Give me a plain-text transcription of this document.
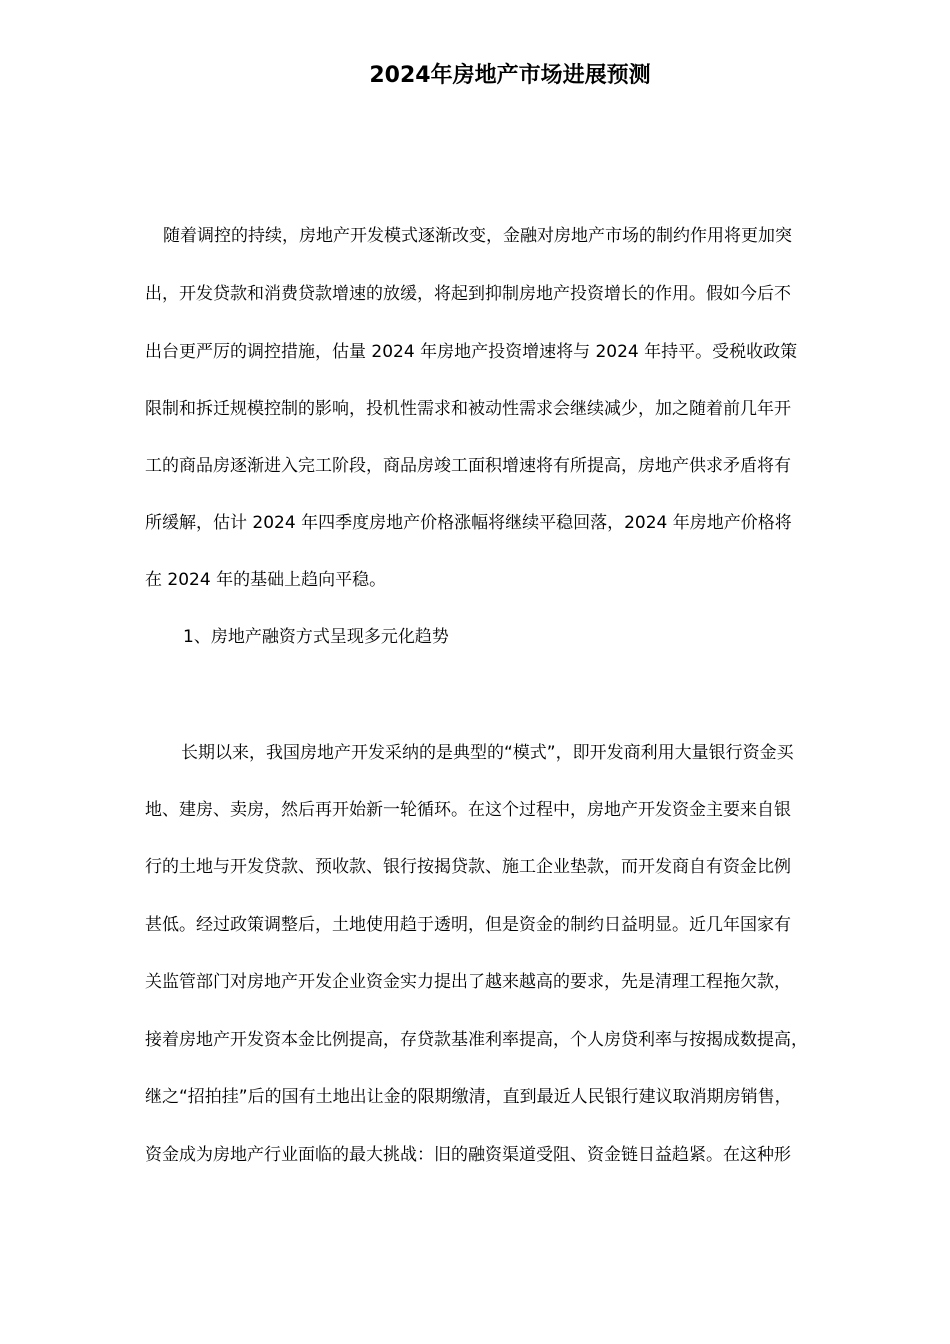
2024年房地产市场进展预测
随着调控的持续，房地产开发模式逐渐改变，金融对房地产市场的制约作用将更加突
出，开发贷款和消费贷款增速的放缓，将起到抑制房地产投资增长的作用。假如今后不
出台更严厉的调控措施，估量 2024 年房地产投资增速将与 2024 年持平。受税收政策
限制和拆迁规模控制的影响，投机性需求和被动性需求会继续减少，加之随着前几年开
工的商品房逐渐进入完工阶段，商品房竣工面积增速将有所提高，房地产供求矛盾将有
所缓解，估计 2024 年四季度房地产价格涨幅将继续平稳回落，2024 年房地产价格将
在 2024 年的基础上趋向平稳。
1、房地产融资方式呈现多元化趋势
长期以来，我国房地产开发采纳的是典型的“模式”，即开发商利用大量银行资金买
地、建房、卖房，然后再开始新一轮循环。在这个过程中，房地产开发资金主要来自银
行的土地与开发贷款、预收款、银行按揭贷款、施工企业垫款，而开发商自有资金比例
甚低。经过政策调整后，土地使用趋于透明，但是资金的制约日益明显。近几年国家有
关监管部门对房地产开发企业资金实力提出了越来越高的要求，先是清理工程拖欠款，
接着房地产开发资本金比例提高，存贷款基准利率提高，个人房贷利率与按揭成数提高，
继之“招拍挂”后的国有土地出让金的限期缴清，直到最近人民银行建议取消期房销售，
资金成为房地产行业面临的最大挑战：旧的融资渠道受阻、资金链日益趋紧。在这种形
